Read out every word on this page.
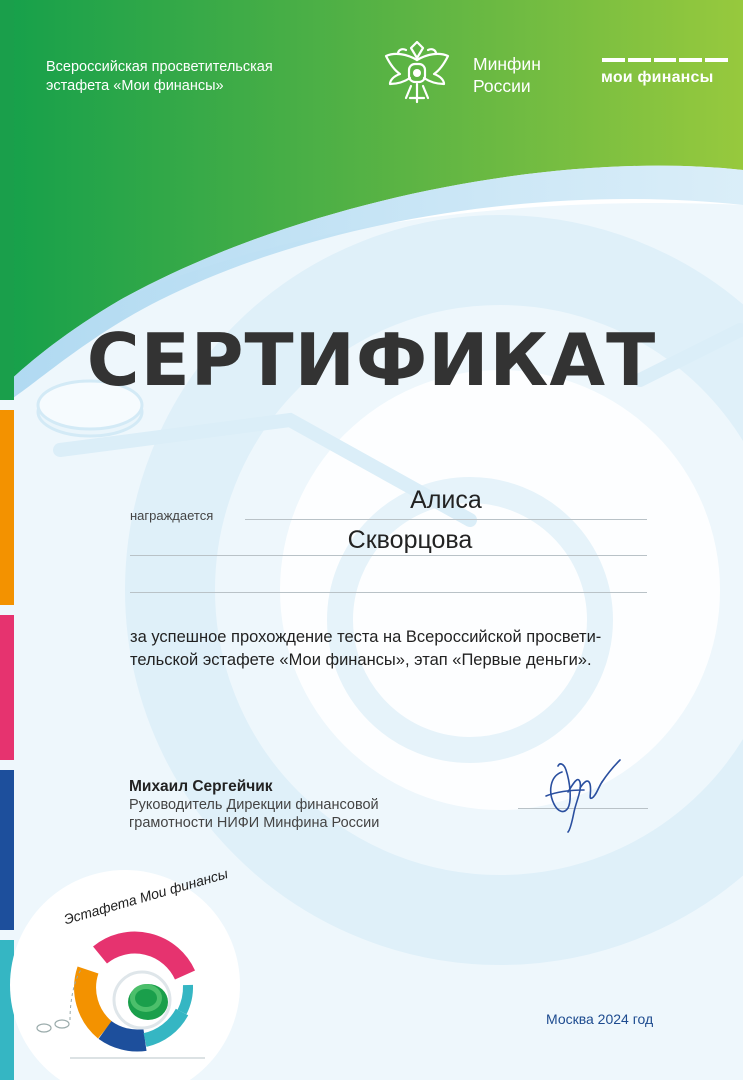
Всероссийская просветительская
эстафета «Мои финансы»
Минфин
России	мои финансы
СЕРТИФИКАТ
награждается
Алиса
Скворцова
за успешное прохождение теста на Всероссийской просвети-
тельской эстафете «Мои финансы», этап «Первые деньги».
Михаил Сергейчик
Руководитель Дирекции финансовой
грамотности НИФИ Минфина России
Эстафета Мои финансы
Москва 2024 год
